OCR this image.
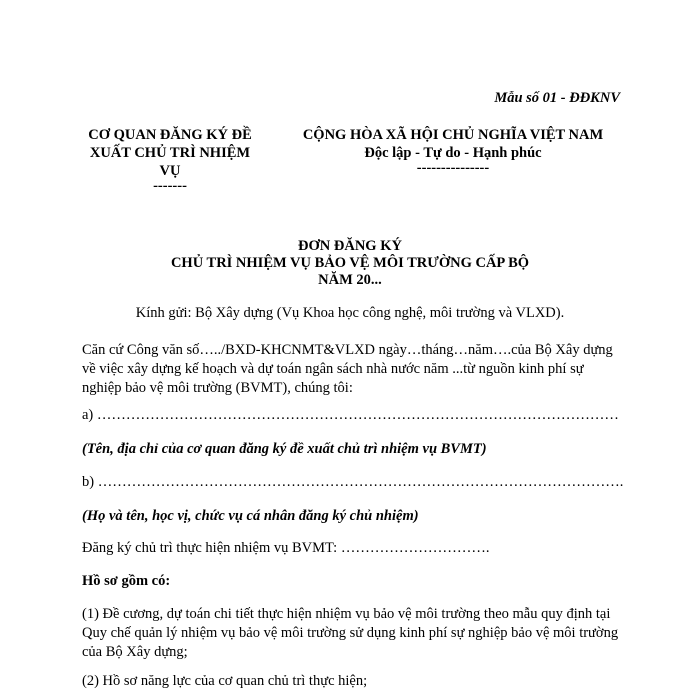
Mẫu số 01 - ĐĐKNV
CƠ QUAN ĐĂNG KÝ ĐỀ
XUẤT CHỦ TRÌ NHIỆM
VỤ
-------
CỘNG HÒA XÃ HỘI CHỦ NGHĨA VIỆT NAM
Độc lập - Tự do - Hạnh phúc
---------------
ĐƠN ĐĂNG KÝ
CHỦ TRÌ NHIỆM VỤ BẢO VỆ MÔI TRƯỜNG CẤP BỘ
NĂM 20...
Kính gửi: Bộ Xây dựng (Vụ Khoa học công nghệ, môi trường và VLXD).
Căn cứ Công văn số…../BXD-KHCNMT&VLXD ngày…tháng…năm….của Bộ Xây dựng về việc xây dựng kế hoạch và dự toán ngân sách nhà nước năm ...từ nguồn kinh phí sự nghiệp bảo vệ môi trường (BVMT), chúng tôi:
a) ………………………………………………………………………………………………
(Tên, địa chỉ của cơ quan đăng ký đề xuất chủ trì nhiệm vụ BVMT)
b) ……………………………………………………………………………………………….
(Họ và tên, học vị, chức vụ cá nhân đăng ký chủ nhiệm)
Đăng ký chủ trì thực hiện nhiệm vụ BVMT: ………………………….
Hồ sơ gồm có:
(1) Đề cương, dự toán chi tiết thực hiện nhiệm vụ bảo vệ môi trường theo mẫu quy định tại Quy chế quản lý nhiệm vụ bảo vệ môi trường sử dụng kinh phí sự nghiệp bảo vệ môi trường của Bộ Xây dựng;
(2) Hồ sơ năng lực của cơ quan chủ trì thực hiện;
